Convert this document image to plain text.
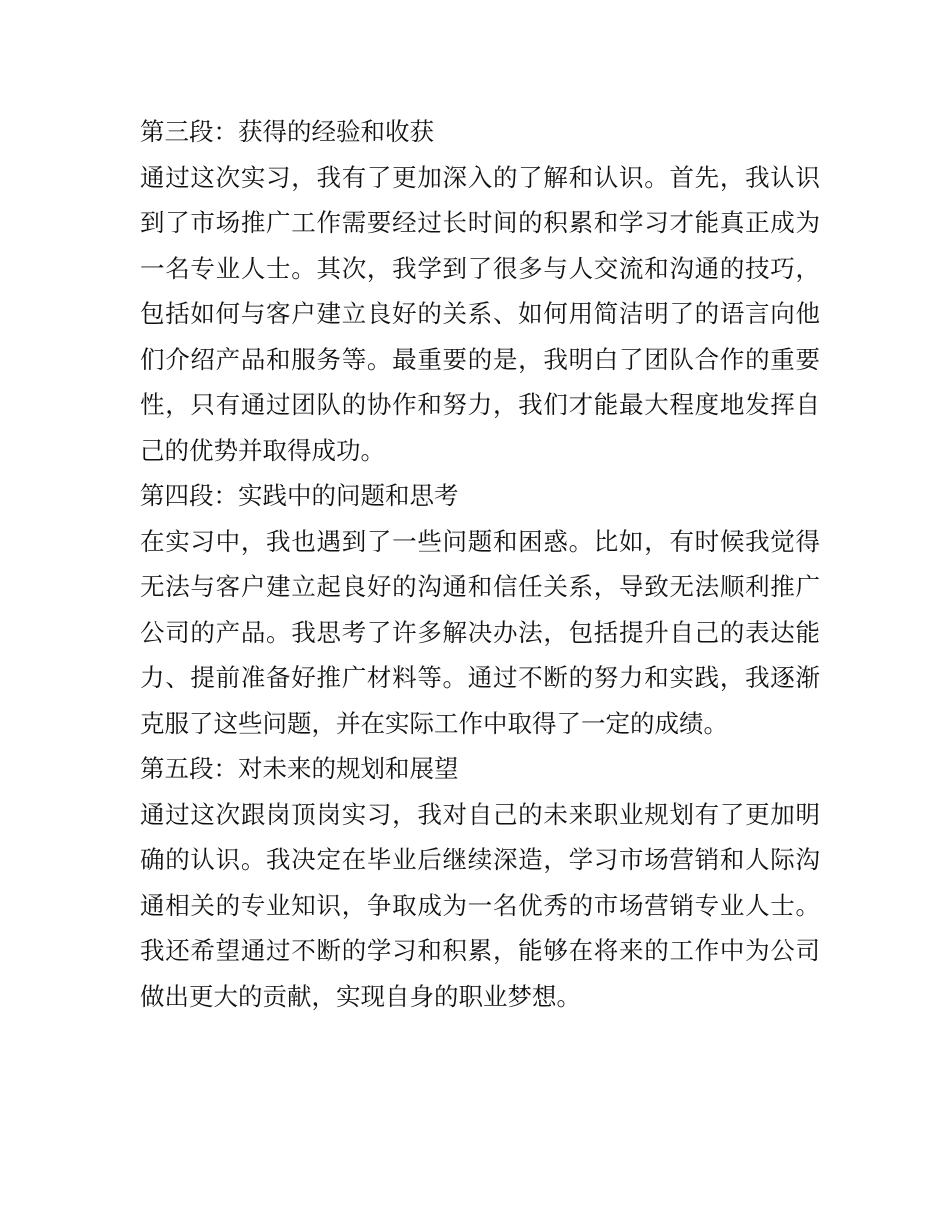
第三段：获得的经验和收获

通过这次实习，我有了更加深入的了解和认识。首先，我认识到了市场推广工作需要经过长时间的积累和学习才能真正成为一名专业人士。其次，我学到了很多与人交流和沟通的技巧，包括如何与客户建立良好的关系、如何用简洁明了的语言向他们介绍产品和服务等。最重要的是，我明白了团队合作的重要性，只有通过团队的协作和努力，我们才能最大程度地发挥自己的优势并取得成功。

第四段：实践中的问题和思考

在实习中，我也遇到了一些问题和困惑。比如，有时候我觉得无法与客户建立起良好的沟通和信任关系，导致无法顺利推广公司的产品。我思考了许多解决办法，包括提升自己的表达能力、提前准备好推广材料等。通过不断的努力和实践，我逐渐克服了这些问题，并在实际工作中取得了一定的成绩。

第五段：对未来的规划和展望

通过这次跟岗顶岗实习，我对自己的未来职业规划有了更加明确的认识。我决定在毕业后继续深造，学习市场营销和人际沟通相关的专业知识，争取成为一名优秀的市场营销专业人士。我还希望通过不断的学习和积累，能够在将来的工作中为公司做出更大的贡献，实现自身的职业梦想。
